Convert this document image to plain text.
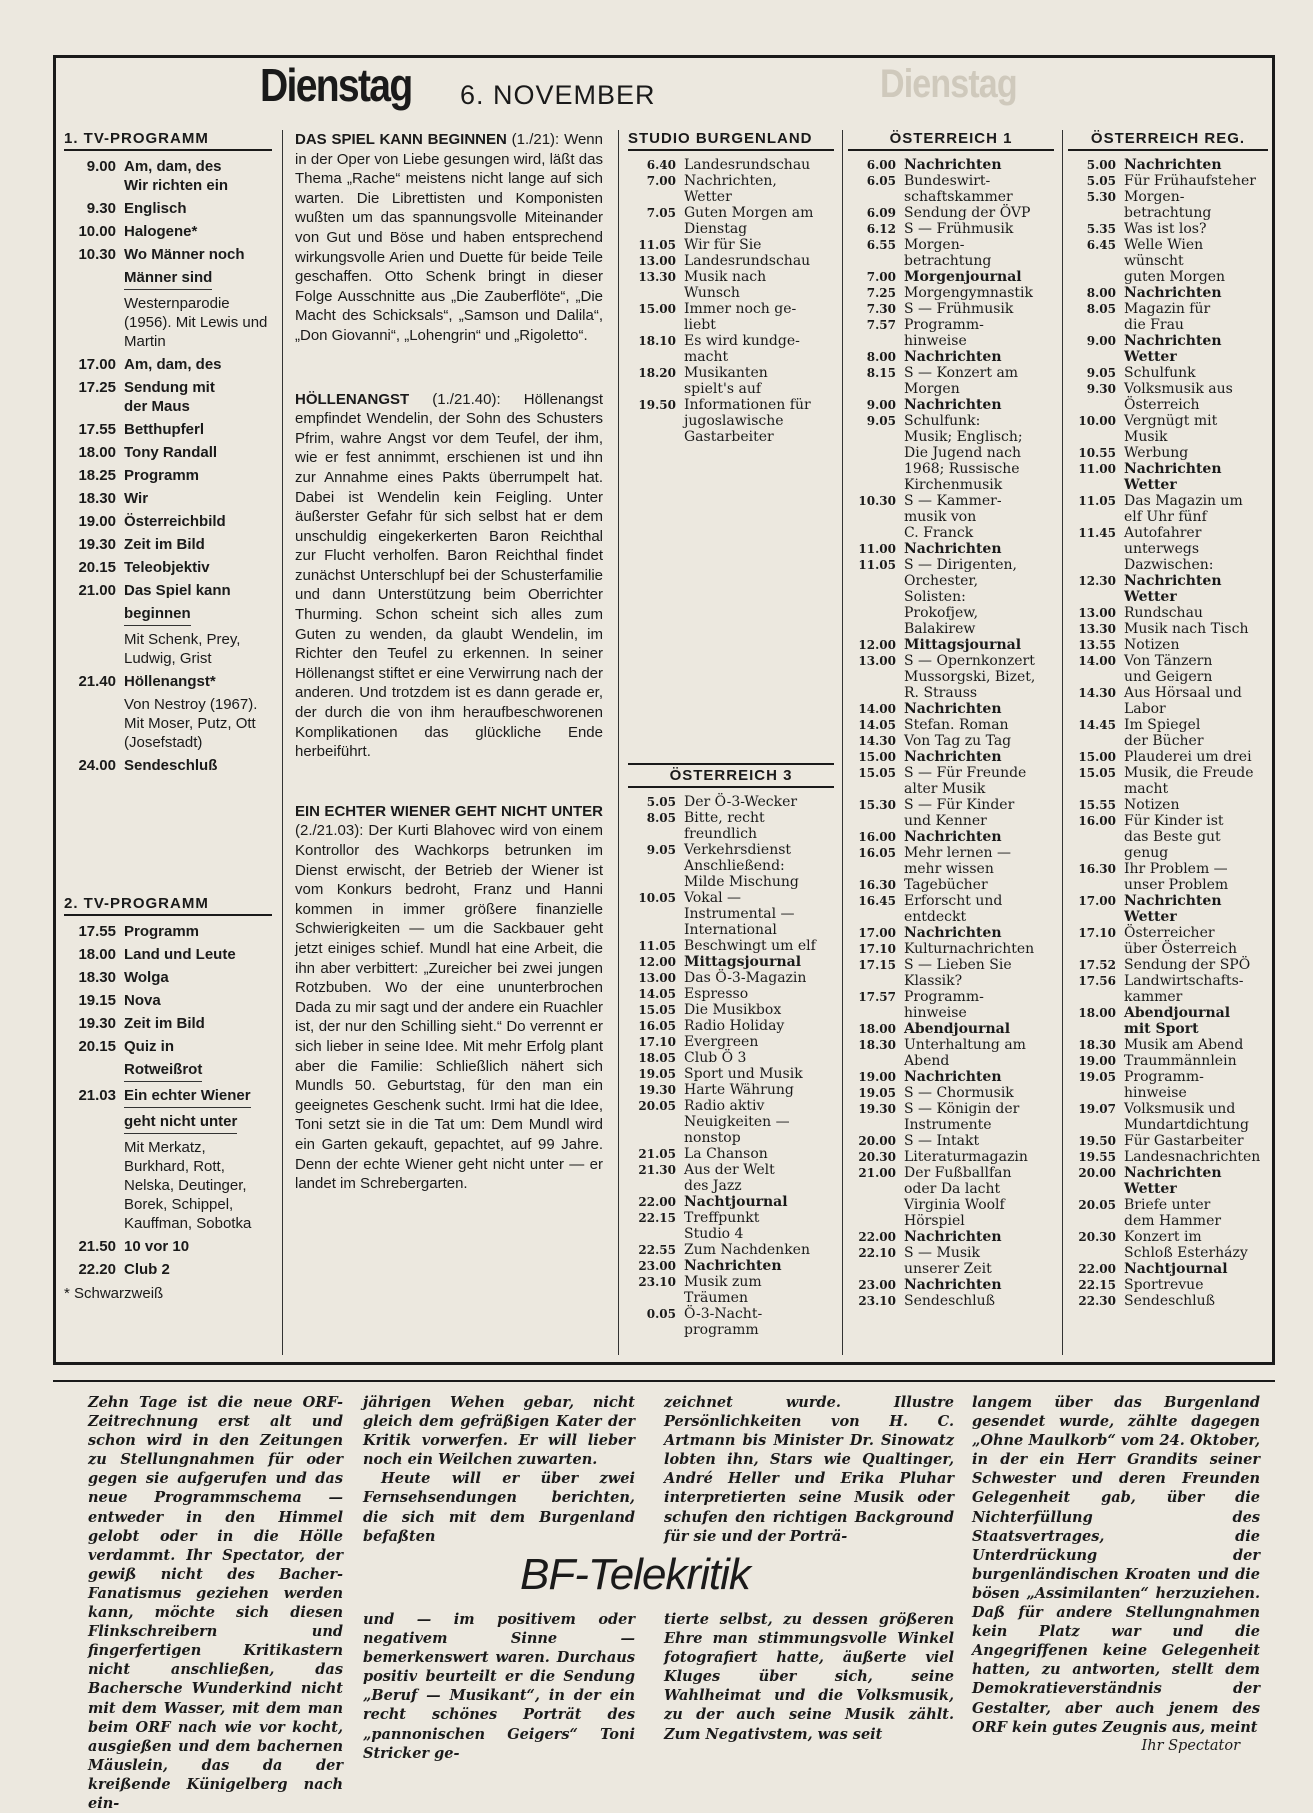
Dienstag
Dienstag 6. NOVEMBER
1. TV-PROGRAMM
9.00 Am, dam, des
Wir richten ein
9.30 Englisch
10.00 Halogene*
10.30 Wo Männer noch
Männer sind
Westernparodie (1956). Mit Lewis und Martin
17.00 Am, dam, des
17.25 Sendung mit
der Maus
17.55 Betthupferl
18.00 Tony Randall
18.25 Programm
18.30 Wir
19.00 Österreichbild
19.30 Zeit im Bild
20.15 Teleobjektiv
21.00 Das Spiel kann
beginnen
Mit Schenk, Prey, Ludwig, Grist
21.40 Höllenangst*
Von Nestroy (1967). Mit Moser, Putz, Ott (Josefstadt)
24.00 Sendeschluß
2. TV-PROGRAMM
17.55 Programm
18.00 Land und Leute
18.30 Wolga
19.15 Nova
19.30 Zeit im Bild
20.15 Quiz in
Rotweißrot
21.03 Ein echter Wiener
geht nicht unter
Mit Merkatz, Burkhard, Rott, Nelska, Deutinger, Borek, Schippel, Kauffman, Sobotka
21.50 10 vor 10
22.20 Club 2
* Schwarzweiß

DAS SPIEL KANN BEGINNEN (1./21): Wenn in der Oper von Liebe gesungen wird, läßt das Thema „Rache“ meistens nicht lange auf sich warten. Die Librettisten und Komponisten wußten um das spannungsvolle Miteinander von Gut und Böse und haben entsprechend wirkungsvolle Arien und Duette für beide Teile geschaffen. Otto Schenk bringt in dieser Folge Ausschnitte aus „Die Zauberflöte“, „Die Macht des Schicksals“, „Samson und Dalila“, „Don Giovanni“, „Lohengrin“ und „Rigoletto“.

HÖLLENANGST (1./21.40): Höllenangst empfindet Wendelin, der Sohn des Schusters Pfrim, wahre Angst vor dem Teufel, der ihm, wie er fest annimmt, erschienen ist und ihn zur Annahme eines Pakts überrumpelt hat. Dabei ist Wendelin kein Feigling. Unter äußerster Gefahr für sich selbst hat er dem unschuldig eingekerkerten Baron Reichthal zur Flucht verholfen. Baron Reichthal findet zunächst Unterschlupf bei der Schusterfamilie und dann Unterstützung beim Oberrichter Thurming. Schon scheint sich alles zum Guten zu wenden, da glaubt Wendelin, im Richter den Teufel zu erkennen. In seiner Höllenangst stiftet er eine Verwirrung nach der anderen. Und trotzdem ist es dann gerade er, der durch die von ihm heraufbeschworenen Komplikationen das glückliche Ende herbeiführt.

EIN ECHTER WIENER GEHT NICHT UNTER (2./21.03): Der Kurti Blahovec wird von einem Kontrollor des Wachkorps betrunken im Dienst erwischt, der Betrieb der Wiener ist vom Konkurs bedroht, Franz und Hanni kommen in immer größere finanzielle Schwierigkeiten — um die Sackbauer geht jetzt einiges schief. Mundl hat eine Arbeit, die ihn aber verbittert: „Zureicher bei zwei jungen Rotzbuben. Wo der eine ununterbrochen Dada zu mir sagt und der andere ein Ruachler ist, der nur den Schilling sieht.“ Do verrennt er sich lieber in seine Idee. Mit mehr Erfolg plant aber die Familie: Schließlich nähert sich Mundls 50. Geburtstag, für den man ein geeignetes Geschenk sucht. Irmi hat die Idee, Toni setzt sie in die Tat um: Dem Mundl wird ein Garten gekauft, gepachtet, auf 99 Jahre. Denn der echte Wiener geht nicht unter — er landet im Schrebergarten.

STUDIO BURGENLAND
6.40 Landesrundschau
7.00 Nachrichten,
Wetter
7.05 Guten Morgen am
Dienstag
11.05 Wir für Sie
13.00 Landesrundschau
13.30 Musik nach
Wunsch
15.00 Immer noch ge-
liebt
18.10 Es wird kundge-
macht
18.20 Musikanten
spielt's auf
19.50 Informationen für
jugoslawische
Gastarbeiter
ÖSTERREICH 3
5.05 Der Ö-3-Wecker
8.05 Bitte, recht
freundlich
9.05 Verkehrsdienst
Anschließend:
Milde Mischung
10.05 Vokal —
Instrumental —
International
11.05 Beschwingt um elf
12.00 Mittagsjournal
13.00 Das Ö-3-Magazin
14.05 Espresso
15.05 Die Musikbox
16.05 Radio Holiday
17.10 Evergreen
18.05 Club Ö 3
19.05 Sport und Musik
19.30 Harte Währung
20.05 Radio aktiv
Neuigkeiten —
nonstop
21.05 La Chanson
21.30 Aus der Welt
des Jazz
22.00 Nachtjournal
22.15 Treffpunkt
Studio 4
22.55 Zum Nachdenken
23.00 Nachrichten
23.10 Musik zum
Träumen
0.05 Ö-3-Nacht-
programm
ÖSTERREICH 1
6.00 Nachrichten
6.05 Bundeswirt-
schaftskammer
6.09 Sendung der ÖVP
6.12 S — Frühmusik
6.55 Morgen-
betrachtung
7.00 Morgenjournal
7.25 Morgengymnastik
7.30 S — Frühmusik
7.57 Programm-
hinweise
8.00 Nachrichten
8.15 S — Konzert am
Morgen
9.00 Nachrichten
9.05 Schulfunk:
Musik; Englisch;
Die Jugend nach
1968; Russische
Kirchenmusik
10.30 S — Kammer-
musik von
C. Franck
11.00 Nachrichten
11.05 S — Dirigenten,
Orchester,
Solisten:
Prokofjew,
Balakirew
12.00 Mittagsjournal
13.00 S — Opernkonzert
Mussorgski, Bizet,
R. Strauss
14.00 Nachrichten
14.05 Stefan. Roman
14.30 Von Tag zu Tag
15.00 Nachrichten
15.05 S — Für Freunde
alter Musik
15.30 S — Für Kinder
und Kenner
16.00 Nachrichten
16.05 Mehr lernen —
mehr wissen
16.30 Tagebücher
16.45 Erforscht und
entdeckt
17.00 Nachrichten
17.10 Kulturnachrichten
17.15 S — Lieben Sie
Klassik?
17.57 Programm-
hinweise
18.00 Abendjournal
18.30 Unterhaltung am
Abend
19.00 Nachrichten
19.05 S — Chormusik
19.30 S — Königin der
Instrumente
20.00 S — Intakt
20.30 Literaturmagazin
21.00 Der Fußballfan
oder Da lacht
Virginia Woolf
Hörspiel
22.00 Nachrichten
22.10 S — Musik
unserer Zeit
23.00 Nachrichten
23.10 Sendeschluß
ÖSTERREICH REG.
5.00 Nachrichten
5.05 Für Frühaufsteher
5.30 Morgen-
betrachtung
5.35 Was ist los?
6.45 Welle Wien
wünscht
guten Morgen
8.00 Nachrichten
8.05 Magazin für
die Frau
9.00 Nachrichten
Wetter
9.05 Schulfunk
9.30 Volksmusik aus
Österreich
10.00 Vergnügt mit
Musik
10.55 Werbung
11.00 Nachrichten
Wetter
11.05 Das Magazin um
elf Uhr fünf
11.45 Autofahrer
unterwegs
Dazwischen:
12.30 Nachrichten
Wetter
13.00 Rundschau
13.30 Musik nach Tisch
13.55 Notizen
14.00 Von Tänzern
und Geigern
14.30 Aus Hörsaal und
Labor
14.45 Im Spiegel
der Bücher
15.00 Plauderei um drei
15.05 Musik, die Freude
macht
15.55 Notizen
16.00 Für Kinder ist
das Beste gut
genug
16.30 Ihr Problem —
unser Problem
17.00 Nachrichten
Wetter
17.10 Österreicher
über Österreich
17.52 Sendung der SPÖ
17.56 Landwirtschafts-
kammer
18.00 Abendjournal
mit Sport
18.30 Musik am Abend
19.00 Traummännlein
19.05 Programm-
hinweise
19.07 Volksmusik und
Mundartdichtung
19.50 Für Gastarbeiter
19.55 Landesnachrichten
20.00 Nachrichten
Wetter
20.05 Briefe unter
dem Hammer
20.30 Konzert im
Schloß Esterházy
22.00 Nachtjournal
22.15 Sportrevue
22.30 Sendeschluß
Zehn Tage ist die neue ORF-Zeitrechnung erst alt und schon wird in den Zeitungen zu Stellungnahmen für oder gegen sie aufgerufen und das neue Programmschema — entweder in den Himmel gelobt oder in die Hölle verdammt. Ihr Spectator, der gewiß nicht des Bacher-Fanatismus geziehen werden kann, möchte sich diesen Flinkschreibern und fingerfertigen Kritikastern nicht anschließen, das Bachersche Wunderkind nicht mit dem Wasser, mit dem man beim ORF nach wie vor kocht, ausgießen und dem bachernen Mäuslein, das da der kreißende Künigelberg nach ein-
jährigen Wehen gebar, nicht gleich dem gefräßigen Kater der Kritik vorwerfen. Er will lieber noch ein Weilchen zuwarten.
Heute will er über zwei Fernsehsendungen berichten, die sich mit dem Burgenland befaßten
und — im positivem oder negativem Sinne — bemerkenswert waren. Durchaus positiv beurteilt er die Sendung „Beruf — Musikant“, in der ein recht schönes Porträt des „pannonischen Geigers“ Toni Stricker ge-
zeichnet wurde. Illustre Persönlichkeiten von H. C. Artmann bis Minister Dr. Sinowatz lobten ihn, Stars wie Qualtinger, André Heller und Erika Pluhar interpretierten seine Musik oder schufen den richtigen Background für sie und der Porträ-
tierte selbst, zu dessen größeren Ehre man stimmungsvolle Winkel fotografiert hatte, äußerte viel Kluges über sich, seine Wahlheimat und die Volksmusik, zu der auch seine Musik zählt. Zum Negativstem, was seit
langem über das Burgenland gesendet wurde, zählte dagegen „Ohne Maulkorb“ vom 24. Oktober, in der ein Herr Grandits seiner Schwester und deren Freunden Gelegenheit gab, über die Nichterfüllung des Staatsvertrages, die Unterdrückung der burgenländischen Kroaten und die bösen „Assimilanten“ herzuziehen. Daß für andere Stellungnahmen kein Platz war und die Angegriffenen keine Gelegenheit hatten, zu antworten, stellt dem Demokratieverständnis der Gestalter, aber auch jenem des ORF kein gutes Zeugnis aus, meint
Ihr Spectator
BF-Telekritik
